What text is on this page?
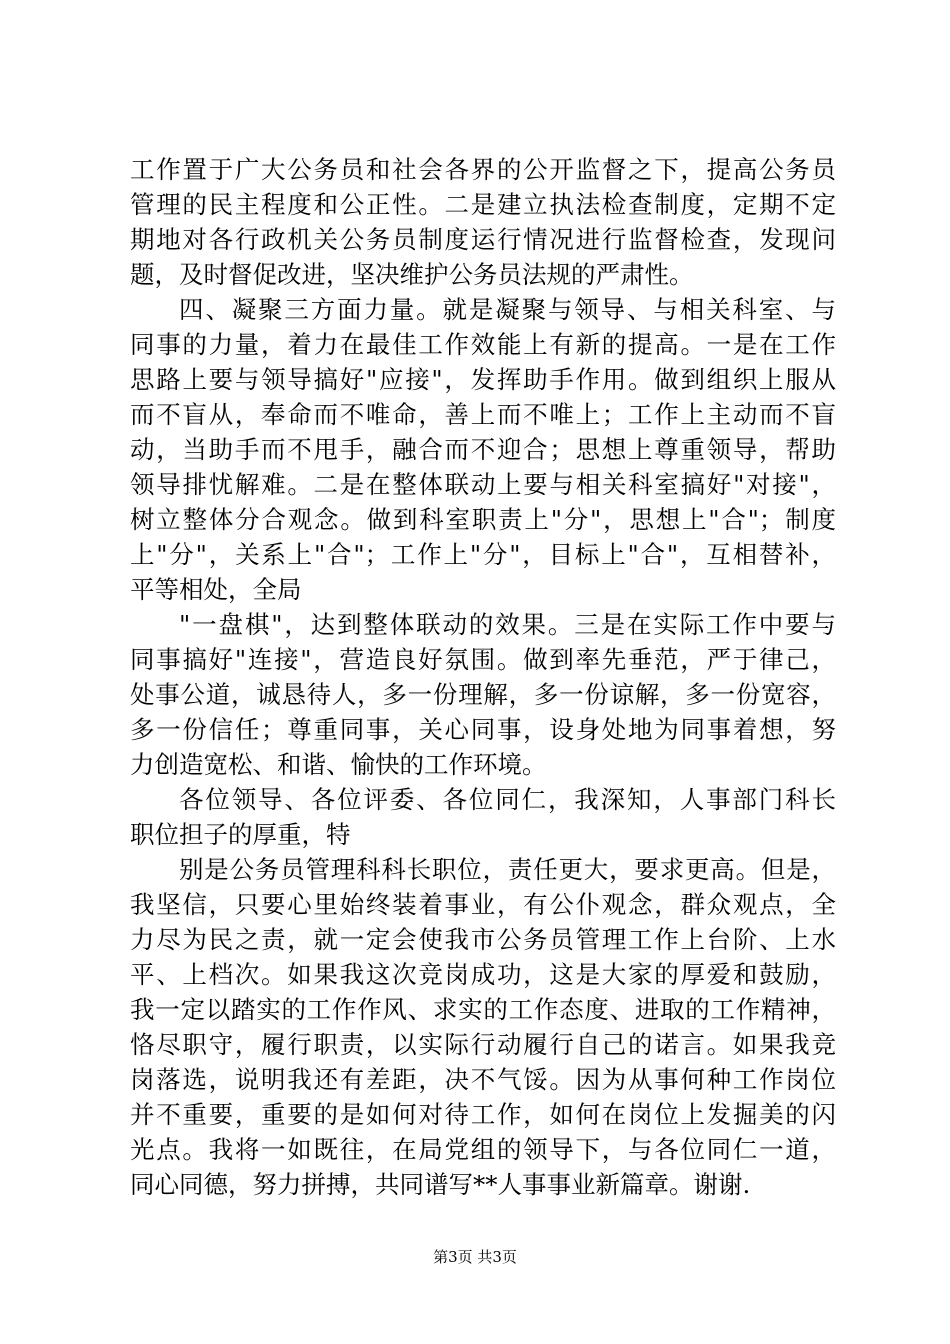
工作置于广大公务员和社会各界的公开监督之下，提高公务员
管理的民主程度和公正性。二是建立执法检查制度，定期不定
期地对各行政机关公务员制度运行情况进行监督检查，发现问
题，及时督促改进，坚决维护公务员法规的严肃性。
四、凝聚三方面力量。就是凝聚与领导、与相关科室、与
同事的力量，着力在最佳工作效能上有新的提高。一是在工作
思路上要与领导搞好"应接"，发挥助手作用。做到组织上服从
而不盲从，奉命而不唯命，善上而不唯上；工作上主动而不盲
动，当助手而不甩手，融合而不迎合；思想上尊重领导，帮助
领导排忧解难。二是在整体联动上要与相关科室搞好"对接"，
树立整体分合观念。做到科室职责上"分"，思想上"合"；制度
上"分"，关系上"合"；工作上"分"，目标上"合"，互相替补，
平等相处，全局
"一盘棋"，达到整体联动的效果。三是在实际工作中要与
同事搞好"连接"，营造良好氛围。做到率先垂范，严于律己，
处事公道，诚恳待人，多一份理解，多一份谅解，多一份宽容，
多一份信任；尊重同事，关心同事，设身处地为同事着想，努
力创造宽松、和谐、愉快的工作环境。
各位领导、各位评委、各位同仁，我深知，人事部门科长
职位担子的厚重，特
别是公务员管理科科长职位，责任更大，要求更高。但是，
我坚信，只要心里始终装着事业，有公仆观念，群众观点，全
力尽为民之责，就一定会使我市公务员管理工作上台阶、上水
平、上档次。如果我这次竞岗成功，这是大家的厚爱和鼓励，
我一定以踏实的工作作风、求实的工作态度、进取的工作精神，
恪尽职守，履行职责，以实际行动履行自己的诺言。如果我竞
岗落选，说明我还有差距，决不气馁。因为从事何种工作岗位
并不重要，重要的是如何对待工作，如何在岗位上发掘美的闪
光点。我将一如既往，在局党组的领导下，与各位同仁一道，
同心同德，努力拼搏，共同谱写**人事事业新篇章。谢谢.
第3页 共3页
